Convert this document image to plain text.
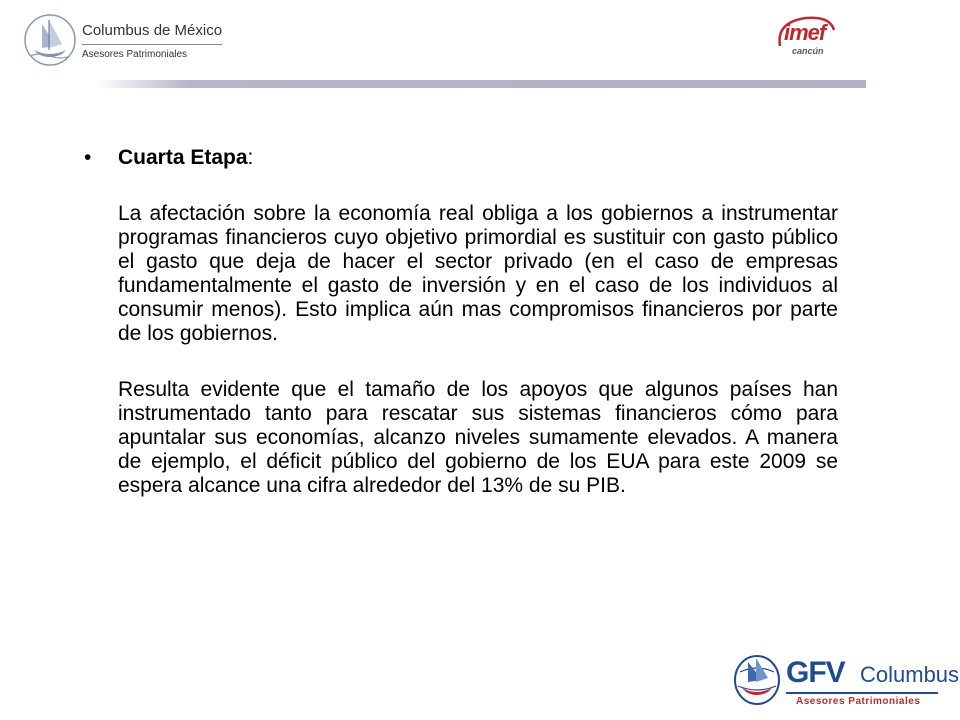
Columbus de México
Asesores Patrimoniales
imef
cancún
• Cuarta Etapa:

La afectación sobre la economía real obliga a los gobiernos a instrumentar programas financieros cuyo objetivo primordial es sustituir con gasto público el gasto que deja de hacer el sector privado (en el caso de empresas fundamentalmente el gasto de inversión y en el caso de los individuos al consumir menos). Esto implica aún mas compromisos financieros por parte de los gobiernos.

Resulta evidente que el tamaño de los apoyos que algunos países han instrumentado tanto para rescatar sus sistemas financieros cómo para apuntalar sus economías, alcanzo niveles sumamente elevados. A manera de ejemplo, el déficit público del gobierno de los EUA para este 2009 se espera alcance una cifra alrededor del 13% de su PIB.

GFV Columbus
Asesores Patrimoniales
